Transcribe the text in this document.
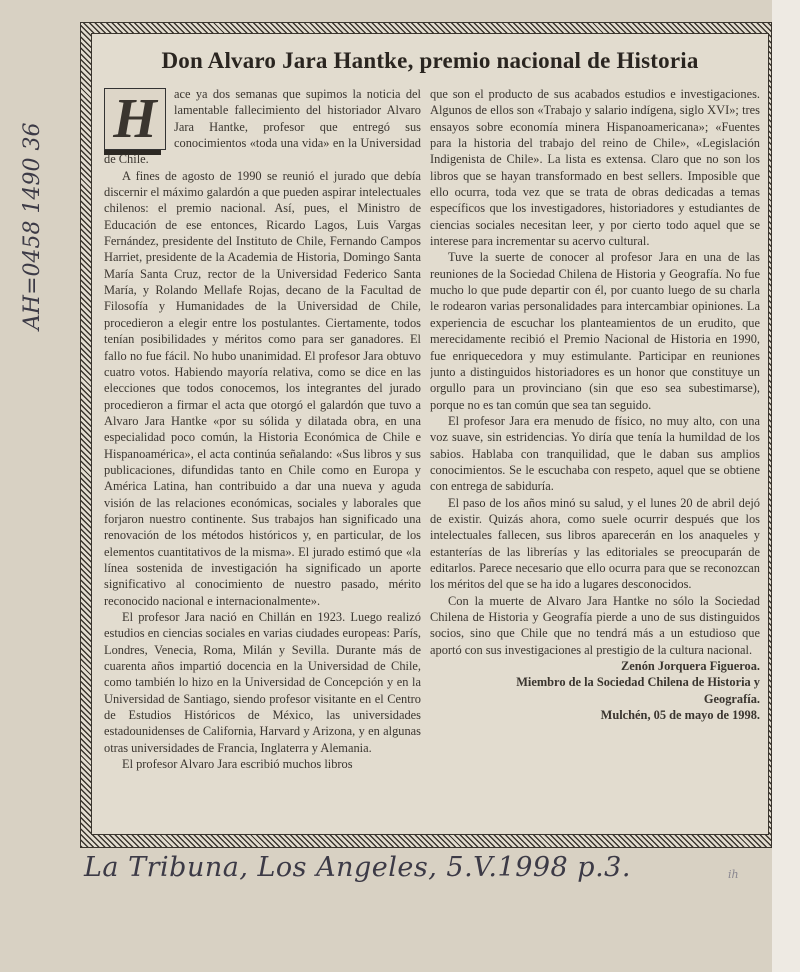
Don Alvaro Jara Hantke, premio nacional de Historia

H	ace ya dos semanas que supimos la noticia del lamentable fallecimiento del historiador Alvaro Jara Hantke, profesor que entregó sus conocimientos «toda una vida» en la Universidad de Chile.

A fines de agosto de 1990 se reunió el jurado que debía discernir el máximo galardón a que pueden aspirar intelectuales chilenos: el premio nacional. Así, pues, el Ministro de Educación de ese entonces, Ricardo Lagos, Luis Vargas Fernández, presidente del Instituto de Chile, Fernando Campos Harriet, presidente de la Academia de Historia, Domingo Santa María Santa Cruz, rector de la Universidad Federico Santa María, y Rolando Mellafe Rojas, decano de la Facultad de Filosofía y Humanidades de la Universidad de Chile, procedieron a elegir entre los postulantes. Ciertamente, todos tenían posibilidades y méritos como para ser ganadores. El fallo no fue fácil. No hubo unanimidad. El profesor Jara obtuvo cuatro votos. Habiendo mayoría relativa, como se dice en las elecciones que todos conocemos, los integrantes del jurado procedieron a firmar el acta que otorgó el galardón que tuvo a Alvaro Jara Hantke «por su sólida y dilatada obra, en una especialidad poco común, la Historia Económica de Chile e Hispanoamérica», el acta continúa señalando: «Sus libros y sus publicaciones, difundidas tanto en Chile como en Europa y América Latina, han contribuido a dar una nueva y aguda visión de las relaciones económicas, sociales y laborales que forjaron nuestro continente. Sus trabajos han significado una renovación de los métodos históricos y, en particular, de los elementos cuantitativos de la misma». El jurado estimó que «la línea sostenida de investigación ha significado un aporte significativo al conocimiento de nuestro pasado, mérito reconocido nacional e internacionalmente».

El profesor Jara nació en Chillán en 1923. Luego realizó estudios en ciencias sociales en varias ciudades europeas: París, Londres, Venecia, Roma, Milán y Sevilla. Durante más de cuarenta años impartió docencia en la Universidad de Chile, como también lo hizo en la Universidad de Concepción y en la Universidad de Santiago, siendo profesor visitante en el Centro de Estudios Históricos de México, las universidades estadounidenses de California, Harvard y Arizona, y en algunas otras universidades de Francia, Inglaterra y Alemania.

El profesor Alvaro Jara escribió muchos libros

que son el producto de sus acabados estudios e investigaciones. Algunos de ellos son «Trabajo y salario indígena, siglo XVI»; tres ensayos sobre economía minera Hispanoamericana»; «Fuentes para la historia del trabajo del reino de Chile», «Legislación Indigenista de Chile». La lista es extensa. Claro que no son los libros que se hayan transformado en best sellers. Imposible que ello ocurra, toda vez que se trata de obras dedicadas a temas específicos que los investigadores, historiadores y estudiantes de ciencias sociales necesitan leer, y por cierto todo aquel que se interese para incrementar su acervo cultural.

Tuve la suerte de conocer al profesor Jara en una de las reuniones de la Sociedad Chilena de Historia y Geografía. No fue mucho lo que pude departir con él, por cuanto luego de su charla le rodearon varias personalidades para intercambiar opiniones. La experiencia de escuchar los planteamientos de un erudito, que merecidamente recibió el Premio Nacional de Historia en 1990, fue enriquecedora y muy estimulante. Participar en reuniones junto a distinguidos historiadores es un honor que constituye un orgullo para un provinciano (sin que eso sea subestimarse), porque no es tan común que sea tan seguido.

El profesor Jara era menudo de físico, no muy alto, con una voz suave, sin estridencias. Yo diría que tenía la humildad de los sabios. Hablaba con tranquilidad, que le daban sus amplios conocimientos. Se le escuchaba con respeto, aquel que se obtiene con entrega de sabiduría.

El paso de los años minó su salud, y el lunes 20 de abril dejó de existir. Quizás ahora, como suele ocurrir después que los intelectuales fallecen, sus libros aparecerán en los anaqueles y estanterías de las librerías y las editoriales se preocuparán de editarlos. Parece necesario que ello ocurra para que se reconozcan los méritos del que se ha ido a lugares desconocidos.

Con la muerte de Alvaro Jara Hantke no sólo la Sociedad Chilena de Historia y Geografía pierde a uno de sus distinguidos socios, sino que Chile que no tendrá más a un estudioso que aportó con sus investigaciones al prestigio de la cultura nacional.

Zenón Jorquera Figueroa.
Miembro de la Sociedad Chilena de Historia y
Geografía.
Mulchén, 05 de mayo de 1998.
AH=0458 1490 36
La Tribuna, Los Angeles, 5.V.1998 p.3.	ih
